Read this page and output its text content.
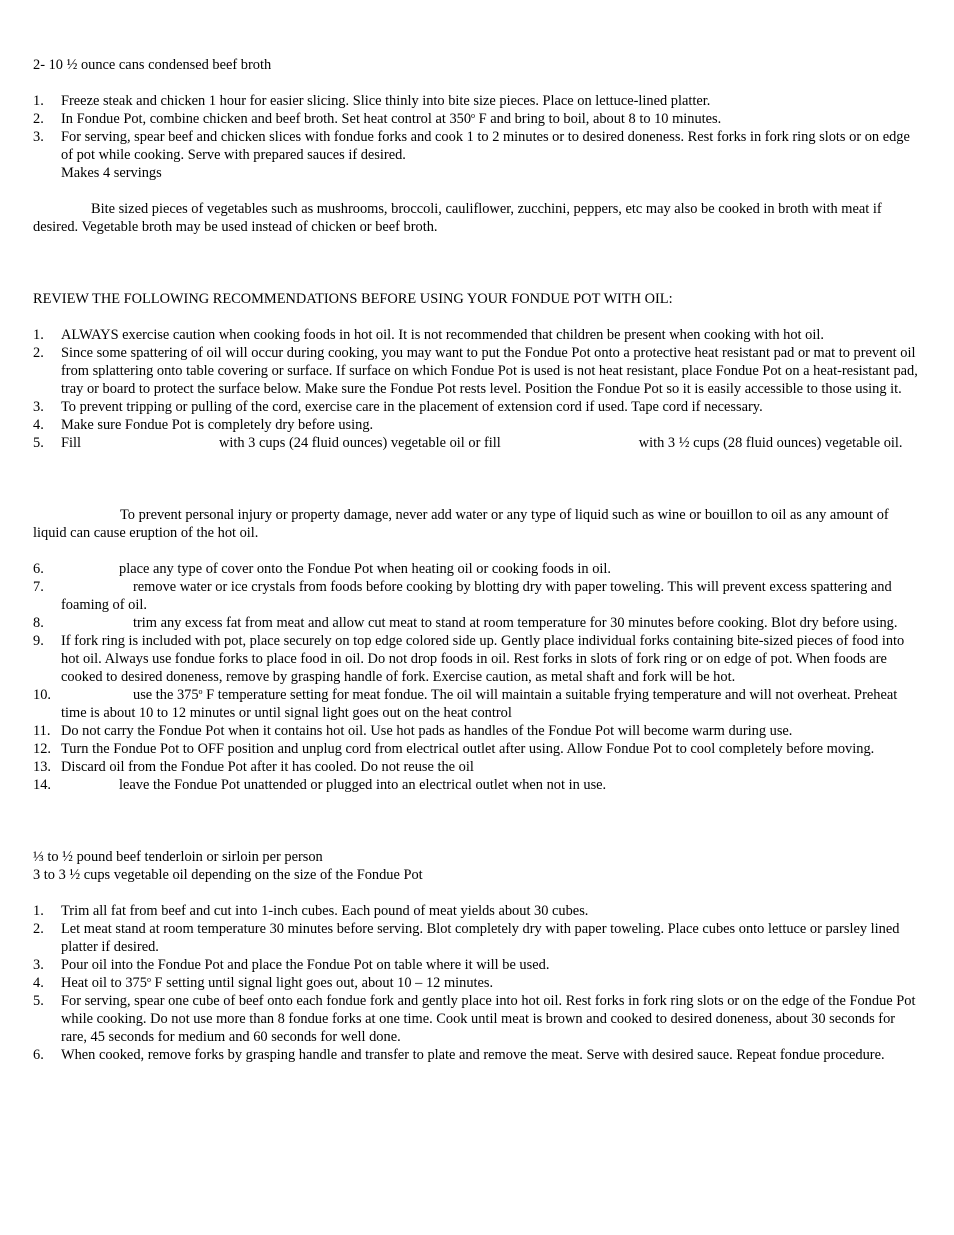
2- 10 ½ ounce cans condensed beef broth

1. Freeze steak and chicken 1 hour for easier slicing. Slice thinly into bite size pieces. Place on lettuce-lined platter.
2. In Fondue Pot, combine chicken and beef broth. Set heat control at 350$^o$ F and bring to boil, about 8 to 10 minutes.
3. For serving, spear beef and chicken slices with fondue forks and cook 1 to 2 minutes or to desired doneness. Rest forks in fork ring slots or on edge of pot while cooking. Serve with prepared sauces if desired.
Makes 4 servings

Bite sized pieces of vegetables such as mushrooms, broccoli, cauliflower, zucchini, peppers, etc may also be cooked in broth with meat if desired. Vegetable broth may be used instead of chicken or beef broth.

REVIEW THE FOLLOWING RECOMMENDATIONS BEFORE USING YOUR FONDUE POT WITH OIL:

1. ALWAYS exercise caution when cooking foods in hot oil. It is not recommended that children be present when cooking with hot oil.
2. Since some spattering of oil will occur during cooking, you may want to put the Fondue Pot onto a protective heat resistant pad or mat to prevent oil from splattering onto table covering or surface. If surface on which Fondue Pot is used is not heat resistant, place Fondue Pot on a heat-resistant pad, tray or board to protect the surface below. Make sure the Fondue Pot rests level. Position the Fondue Pot so it is easily accessible to those using it.
3. To prevent tripping or pulling of the cord, exercise care in the placement of extension cord if used. Tape cord if necessary.
4. Make sure Fondue Pot is completely dry before using.
5. Fill	with 3 cups (24 fluid ounces) vegetable oil or fill	with 3 ½ cups (28 fluid ounces) vegetable oil.

To prevent personal injury or property damage, never add water or any type of liquid such as wine or bouillon to oil as any amount of liquid can cause eruption of the hot oil.

6.	place any type of cover onto the Fondue Pot when heating oil or cooking foods in oil.
7.	remove water or ice crystals from foods before cooking by blotting dry with paper toweling. This will prevent excess spattering and foaming of oil.
8.	trim any excess fat from meat and allow cut meat to stand at room temperature for 30 minutes before cooking. Blot dry before using.
9. If fork ring is included with pot, place securely on top edge colored side up. Gently place individual forks containing bite-sized pieces of food into hot oil. Always use fondue forks to place food in oil. Do not drop foods in oil. Rest forks in slots of fork ring or on edge of pot. When foods are cooked to desired doneness, remove by grasping handle of fork. Exercise caution, as metal shaft and fork will be hot.
10.	use the 375$^o$ F temperature setting for meat fondue. The oil will maintain a suitable frying temperature and will not overheat. Preheat time is about 10 to 12 minutes or until signal light goes out on the heat control
11. Do not carry the Fondue Pot when it contains hot oil. Use hot pads as handles of the Fondue Pot will become warm during use.
12. Turn the Fondue Pot to OFF position and unplug cord from electrical outlet after using. Allow Fondue Pot to cool completely before moving.
13. Discard oil from the Fondue Pot after it has cooled. Do not reuse the oil
14.	leave the Fondue Pot unattended or plugged into an electrical outlet when not in use.

⅓ to ½ pound beef tenderloin or sirloin per person

3 to 3 ½ cups vegetable oil depending on the size of the Fondue Pot

1. Trim all fat from beef and cut into 1-inch cubes. Each pound of meat yields about 30 cubes.
2. Let meat stand at room temperature 30 minutes before serving. Blot completely dry with paper toweling. Place cubes onto lettuce or parsley lined platter if desired.
3. Pour oil into the Fondue Pot and place the Fondue Pot on table where it will be used.
4. Heat oil to 375$^o$ F setting until signal light goes out, about 10 – 12 minutes.
5. For serving, spear one cube of beef onto each fondue fork and gently place into hot oil. Rest forks in fork ring slots or on the edge of the Fondue Pot while cooking. Do not use more than 8 fondue forks at one time. Cook until meat is brown and cooked to desired doneness, about 30 seconds for rare, 45 seconds for medium and 60 seconds for well done.
6. When cooked, remove forks by grasping handle and transfer to plate and remove the meat. Serve with desired sauce. Repeat fondue procedure.
